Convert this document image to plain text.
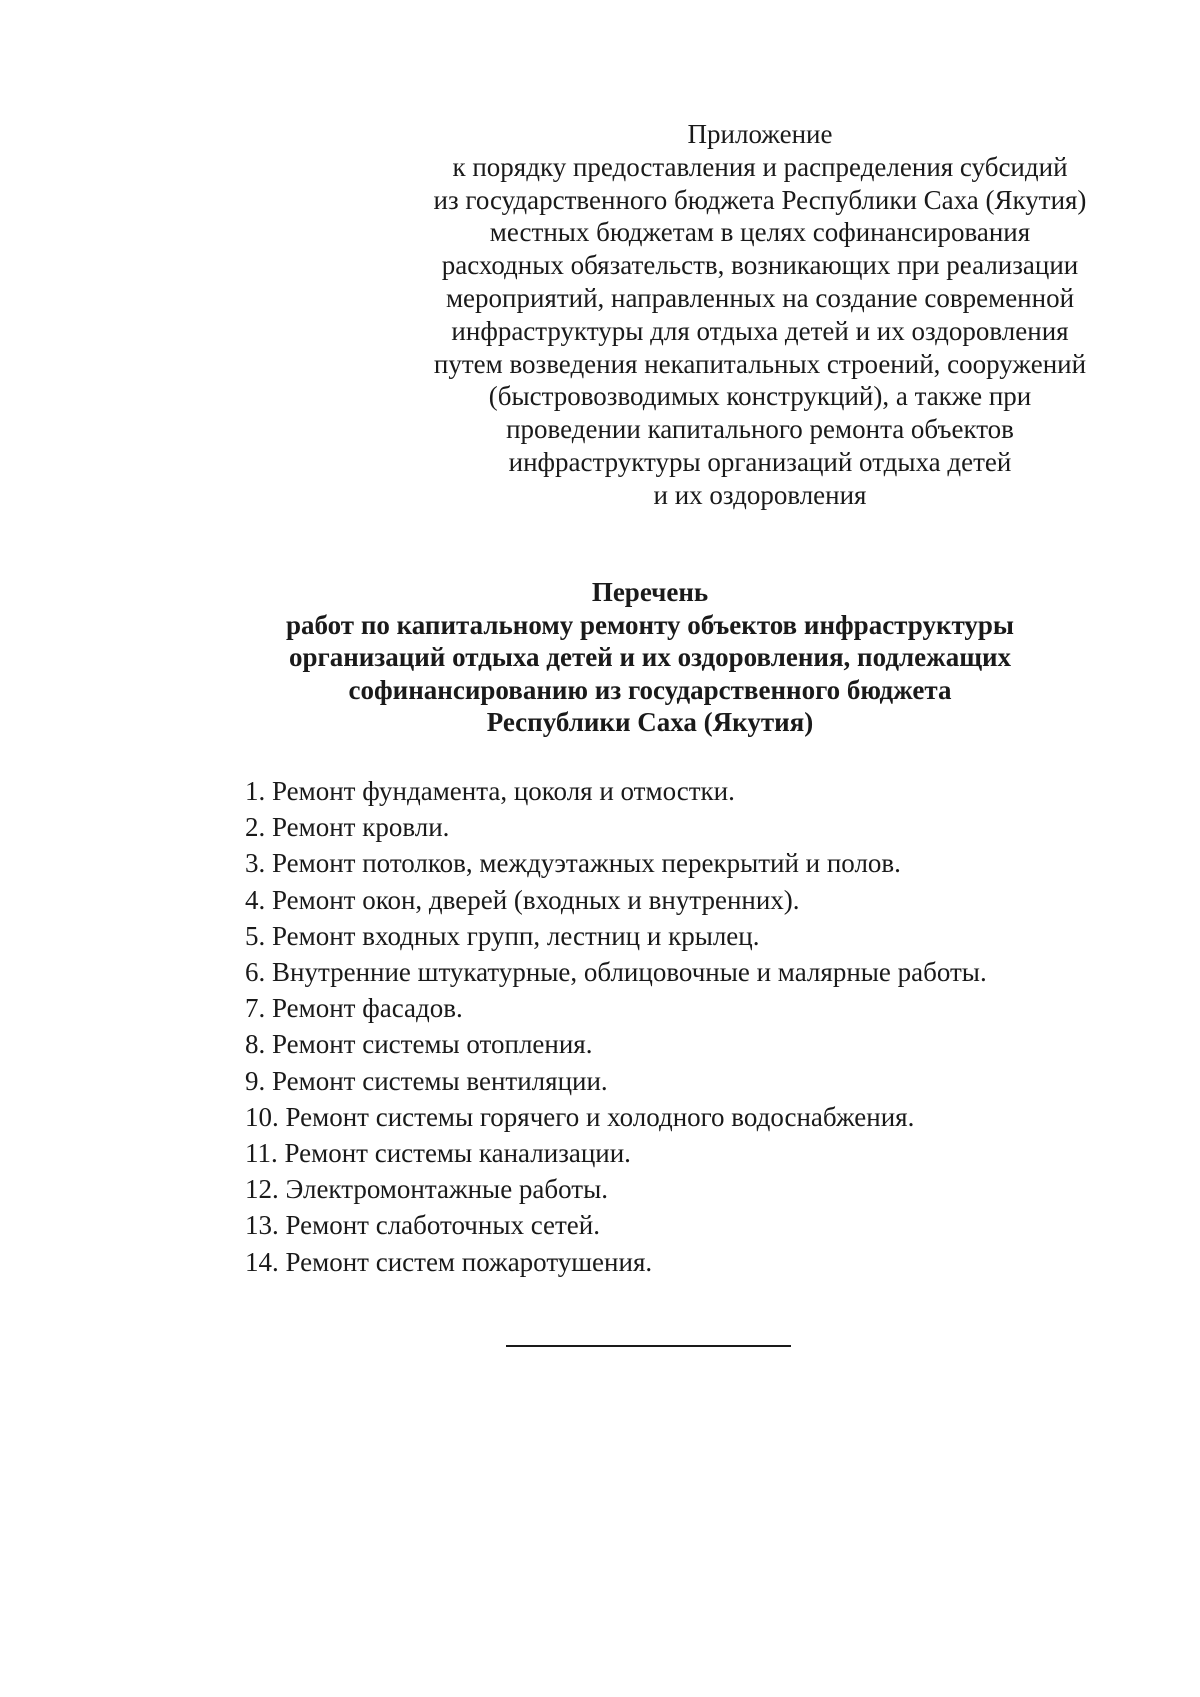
Приложение
к порядку предоставления и распределения субсидий
из государственного бюджета Республики Саха (Якутия)
местных бюджетам в целях софинансирования
расходных обязательств, возникающих при реализации
мероприятий, направленных на создание современной
инфраструктуры для отдыха детей и их оздоровления
путем возведения некапитальных строений, сооружений
(быстровозводимых конструкций), а также при
проведении капитального ремонта объектов
инфраструктуры организаций отдыха детей
и их оздоровления
Перечень
работ по капитальному ремонту объектов инфраструктуры
организаций отдыха детей и их оздоровления, подлежащих
софинансированию из государственного бюджета
Республики Саха (Якутия)
1. Ремонт фундамента, цоколя и отмостки.
2. Ремонт кровли.
3. Ремонт потолков, междуэтажных перекрытий и полов.
4. Ремонт окон, дверей (входных и внутренних).
5. Ремонт входных групп, лестниц и крылец.
6. Внутренние штукатурные, облицовочные и малярные работы.
7. Ремонт фасадов.
8. Ремонт системы отопления.
9. Ремонт системы вентиляции.
10. Ремонт системы горячего и холодного водоснабжения.
11. Ремонт системы канализации.
12. Электромонтажные работы.
13. Ремонт слаботочных сетей.
14. Ремонт систем пожаротушения.
